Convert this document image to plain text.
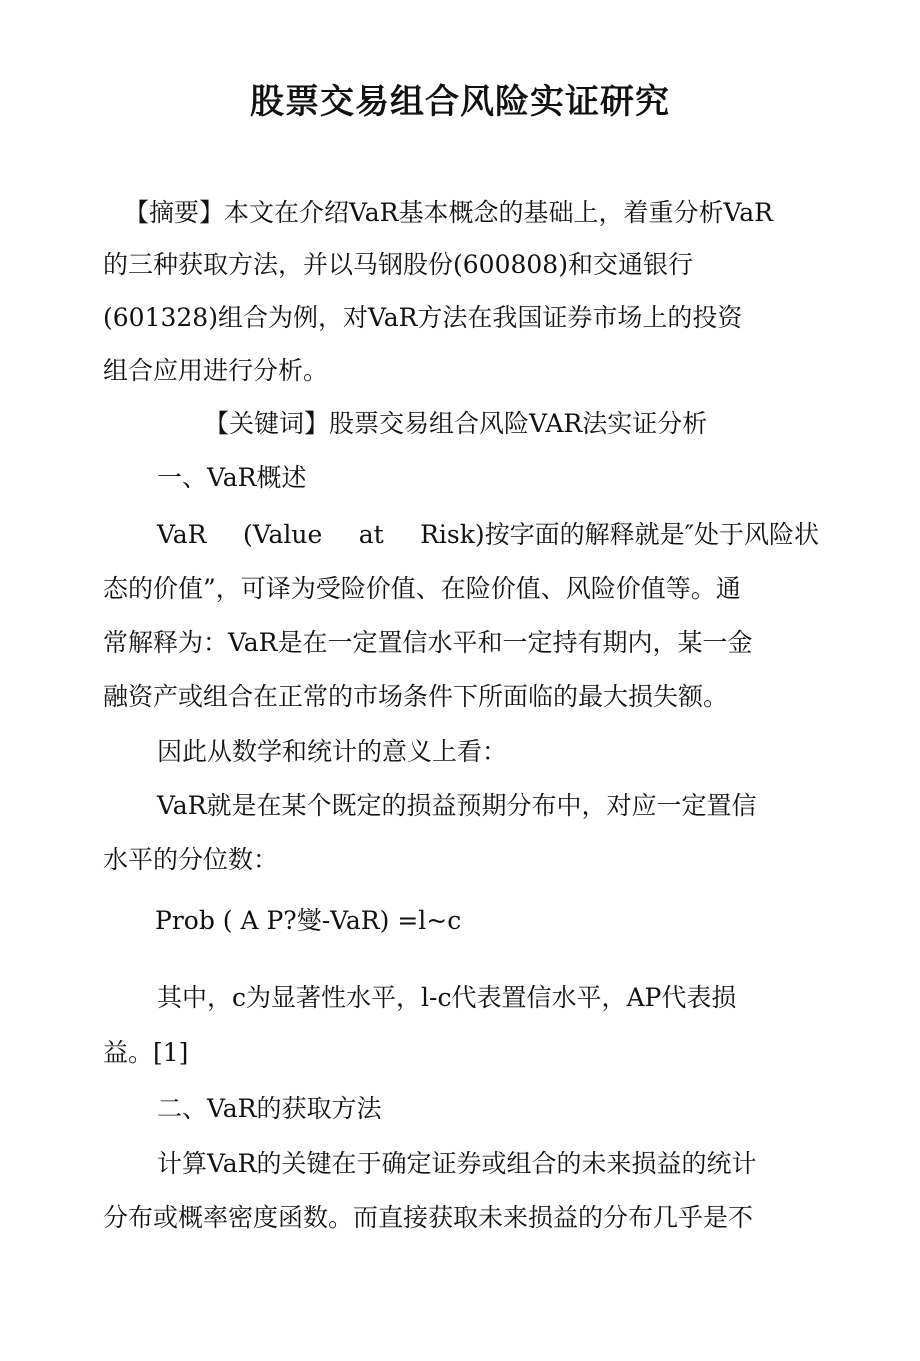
股票交易组合风险实证研究
【摘要】本文在介绍VaR基本概念的基础上，着重分析VaR
的三种获取方法，并以马钢股份(600808)和交通银行
(601328)组合为例，对VaR方法在我国证券市场上的投资
组合应用进行分析。
【关键词】股票交易组合风险VAR法实证分析
一、VaR概述
VaR (Value at Risk)按字面的解释就是″处于风险状
态的价值”，可译为受险价值、在险价值、风险价值等。通
常解释为：VaR是在一定置信水平和一定持有期内，某一金
融资产或组合在正常的市场条件下所面临的最大损失额。
因此从数学和统计的意义上看：
VaR就是在某个既定的损益预期分布中，对应一定置信
水平的分位数：
Prob ( A P?燮-VaR) =l~c
其中，c为显著性水平，l-c代表置信水平，AP代表损
益。[1]
二、VaR的获取方法
计算VaR的关键在于确定证券或组合的未来损益的统计
分布或概率密度函数。而直接获取未来损益的分布几乎是不
